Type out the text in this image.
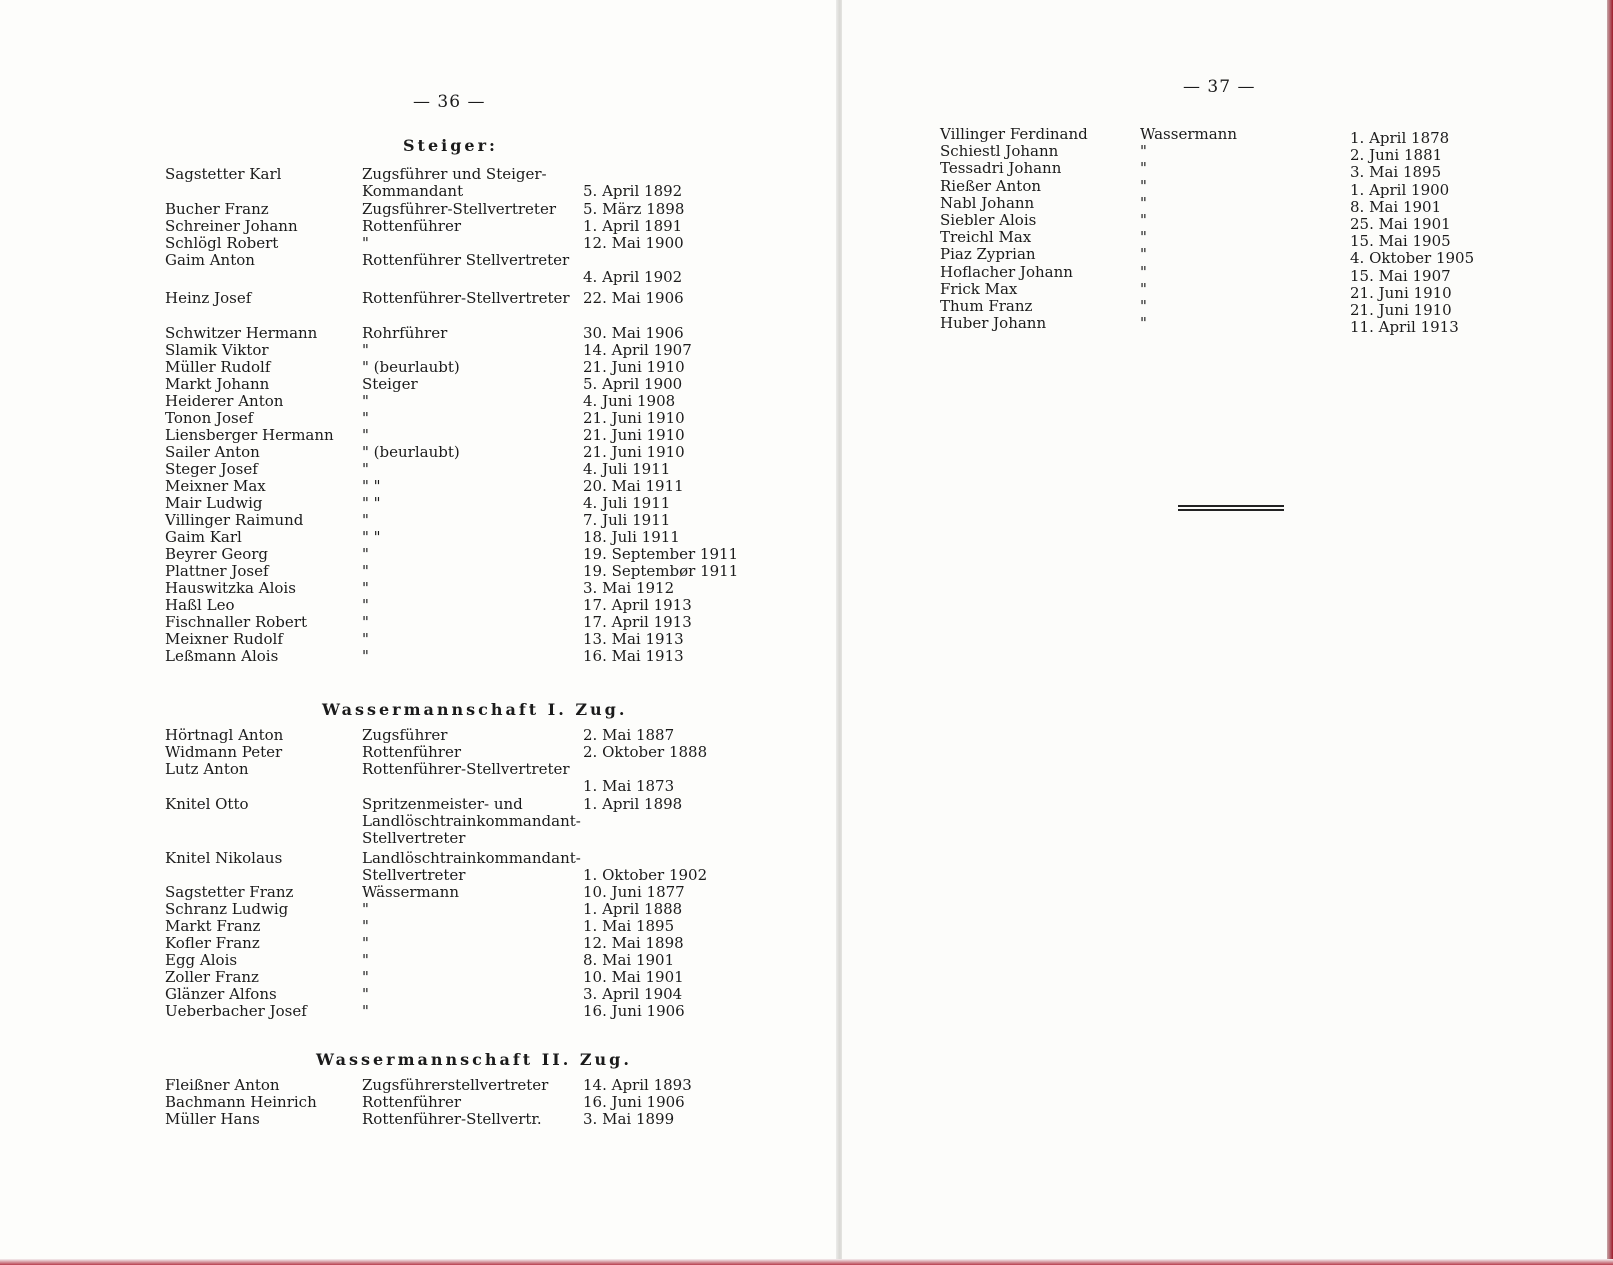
— 36 —
Steiger:
Sagstetter Karl	Zugsführer und Steiger-Kommandant	5. April 1892
Bucher Franz	Zugsführer-Stellvertreter	5. März 1898
Schreiner Johann	Rottenführer	1. April 1891
Schlögl Robert	"	12. Mai 1900
Gaim Anton	Rottenführer Stellvertreter
4. April 1902
Heinz Josef	Rottenführer-Stellvertreter 22. Mai 1906
Schwitzer Hermann	Rohrführer	30. Mai 1906
Slamik Viktor	"	14. April 1907
Müller Rudolf	" (beurlaubt)	21. Juni 1910
Markt Johann	Steiger	5. April 1900
Heiderer Anton	"	4. Juni 1908
Tonon Josef	"	21. Juni 1910
Liensberger Hermann "	21. Juni 1910
Sailer Anton	" (beurlaubt)	21. Juni 1910
Steger Josef	"	4. Juli 1911
Meixner Max	" "	20. Mai 1911
Mair Ludwig	" "	4. Juli 1911
Villinger Raimund	"	7. Juli 1911
Gaim Karl	" "	18. Juli 1911
Beyrer Georg	"	19. September 1911
Plattner Josef	"	19. Septembør 1911
Hauswitzka Alois	"	3. Mai 1912
Haßl Leo	"	17. April 1913
Fischnaller Robert	"	17. April 1913
Meixner Rudolf	"	13. Mai 1913
Leßmann Alois	"	16. Mai 1913
Wassermannschaft I. Zug.
Hörtnagl Anton	Zugsführer	2. Mai 1887
Widmann Peter	Rottenführer	2. Oktober 1888
Lutz Anton	Rottenführer-Stellvertreter
1. Mai 1873
Knitel Otto	Spritzenmeister- und Landlöschtrainkommandant-Stellvertreter
1. April 1898
Knitel Nikolaus	Landlöschtrainkommandant-Stellvertreter	1. Oktober 1902
Sagstetter Franz	Wässermann	10. Juni 1877
Schranz Ludwig	"	1. April 1888
Markt Franz	"	1. Mai 1895
Kofler Franz	"	12. Mai 1898
Egg Alois	"	8. Mai 1901
Zoller Franz	"	10. Mai 1901
Glänzer Alfons	"	3. April 1904
Ueberbacher Josef	"	16. Juni 1906
Wassermannschaft II. Zug.
Fleißner Anton	Zugsführerstellvertreter	14. April 1893
Bachmann Heinrich	Rottenführer	16. Juni 1906
Müller Hans	Rottenführer-Stellvertr.	3. Mai 1899
— 37 —
Villinger Ferdinand	Wassermann	1. April 1878
Schiestl Johann	"	2. Juni 1881
Tessadri Johann	"	3. Mai 1895
Rießer Anton	"	1. April 1900
Nabl Johann	"	8. Mai 1901
Siebler Alois	"	25. Mai 1901
Treichl Max	"	15. Mai 1905
Piaz Zyprian	"	4. Oktober 1905
Hoflacher Johann	"	15. Mai 1907
Frick Max	"	21. Juni 1910
Thum Franz	"	21. Juni 1910
Huber Johann	"	11. April 1913
